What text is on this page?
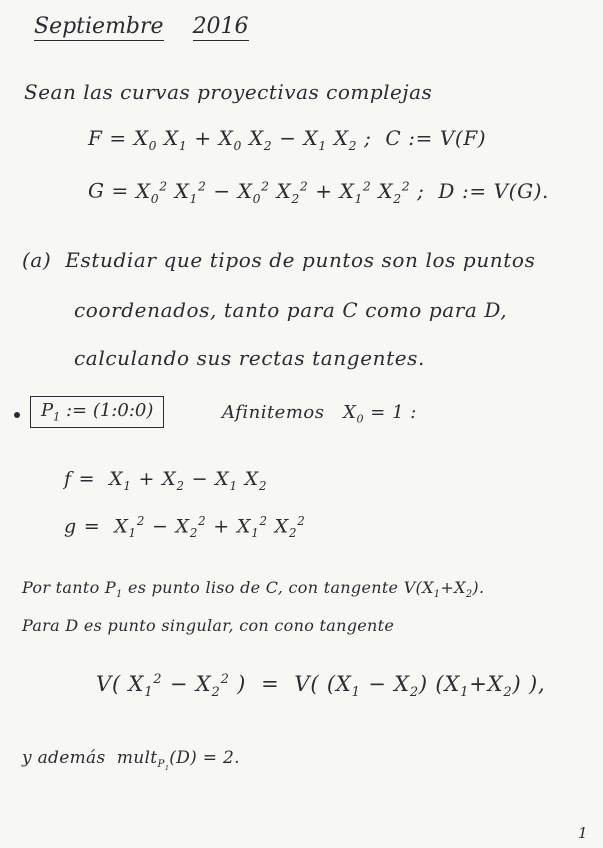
Septiembre 2016
Sean las curvas proyectivas complejas
$F = X_0$ $X_1 + X_0$ $X_2 - X_1$ $X_2$ ;  C := V(F)
$G = X_0^2$ $X_1^2 - X_0^2$ $X_2^2 + X_1^2$ $X_2^2$ ;  D := V(G).
(a) Estudiar que tipos de puntos son los puntos
coordenados, tanto para C como para D,
calculando sus rectas tangentes.
$P_1$ := (1:0:0)	Afinitemos   $X_0 = 1$ :
$f = X_1 + X_2 - X_1$ $X_2$
$g = X_1^2 - X_2^2 + X_1^2$ $X_2^2$
Por tanto $P_1$ es punto liso de C, con tangente $V(X_1+X_2)$.
Para D es punto singular, con cono tangente
V( $X_1^2 - X_2^2$ )  =  V( $(X_1 - X_2)$ $(X_1+X_2)$ ),
y además  mult$_{P_1}$(D) = 2.
1
